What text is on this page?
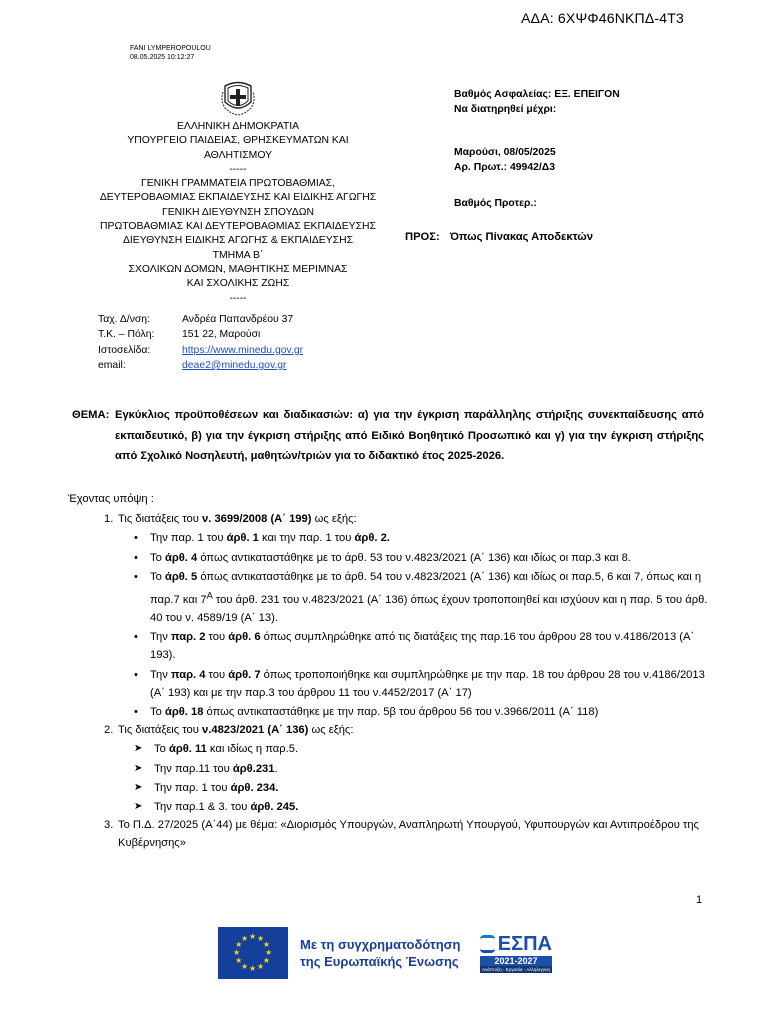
ΑΔΑ: 6ΧΨΦ46ΝΚΠΔ-4Τ3
FANI LYMPEROPOULOU
08.05.2025 10:12:27
ΕΛΛΗΝΙΚΗ ΔΗΜΟΚΡΑΤΙΑ
ΥΠΟΥΡΓΕΙΟ ΠΑΙΔΕΙΑΣ, ΘΡΗΣΚΕΥΜΑΤΩΝ ΚΑΙ
ΑΘΛΗΤΙΣΜΟΥ
-----
ΓΕΝΙΚΗ ΓΡΑΜΜΑΤΕΙΑ ΠΡΩΤΟΒΑΘΜΙΑΣ,
ΔΕΥΤΕΡΟΒΑΘΜΙΑΣ ΕΚΠΑΙΔΕΥΣΗΣ ΚΑΙ ΕΙΔΙΚΗΣ ΑΓΩΓΗΣ
ΓΕΝΙΚΗ ΔΙΕΥΘΥΝΣΗ ΣΠΟΥΔΩΝ
ΠΡΩΤΟΒΑΘΜΙΑΣ ΚΑΙ ΔΕΥΤΕΡΟΒΑΘΜΙΑΣ ΕΚΠΑΙΔΕΥΣΗΣ
ΔΙΕΥΘΥΝΣΗ ΕΙΔΙΚΗΣ ΑΓΩΓΗΣ & ΕΚΠΑΙΔΕΥΣΗΣ
ΤΜΗΜΑ Β΄
ΣΧΟΛΙΚΩΝ ΔΟΜΩΝ, ΜΑΘΗΤΙΚΗΣ ΜΕΡΙΜΝΑΣ
ΚΑΙ ΣΧΟΛΙΚΗΣ ΖΩΗΣ
-----
Ταχ. Δ/νση:	Ανδρέα Παπανδρέου 37
Τ.Κ. – Πόλη:	151 22, Μαρούσι
Ιστοσελίδα:	https://www.minedu.gov.gr
email:	deae2@minedu.gov.gr
Βαθμός Ασφαλείας: ΕΞ. ΕΠΕΙΓΟΝ
Να διατηρηθεί μέχρι:
Μαρούσι, 08/05/2025
Αρ. Πρωτ.: 49942/Δ3
Βαθμός Προτερ.:
ΠΡΟΣ: Όπως Πίνακας Αποδεκτών
ΘΕΜΑ: Εγκύκλιος προϋποθέσεων και διαδικασιών: α) για την έγκριση παράλληλης στήριξης συνεκπαίδευσης από εκπαιδευτικό, β) για την έγκριση στήριξης από Ειδικό Βοηθητικό Προσωπικό και γ) για την έγκριση στήριξης από Σχολικό Νοσηλευτή, μαθητών/τριών για το διδακτικό έτος 2025-2026.
Έχοντας υπόψη :
1. Τις διατάξεις του ν. 3699/2008 (Α΄ 199) ως εξής:
• Την παρ. 1 του άρθ. 1 και την παρ. 1 του άρθ. 2.
• Το άρθ. 4 όπως αντικαταστάθηκε με το άρθ. 53 του ν.4823/2021 (Α΄ 136) και ιδίως οι παρ.3 και 8.
• Το άρθ. 5 όπως αντικαταστάθηκε με το άρθ. 54 του ν.4823/2021 (Α΄ 136) και ιδίως οι παρ.5, 6 και 7, όπως και η παρ.7 και $7^A$ του άρθ. 231 του ν.4823/2021 (Α΄ 136) όπως έχουν τροποποιηθεί και ισχύουν και η παρ. 5 του άρθ. 40 του ν. 4589/19 (Α΄ 13).
• Την παρ. 2 του άρθ. 6 όπως συμπληρώθηκε από τις διατάξεις της παρ.16 του άρθρου 28 του ν.4186/2013 (Α΄ 193).
• Την παρ. 4 του άρθ. 7 όπως τροποποιήθηκε και συμπληρώθηκε με την παρ. 18 του άρθρου 28 του ν.4186/2013 (Α΄ 193) και με την παρ.3 του άρθρου 11 του ν.4452/2017 (Α΄ 17)
• Το άρθ. 18 όπως αντικαταστάθηκε με την παρ. 5β του άρθρου 56 του ν.3966/2011 (Α΄ 118)
2. Τις διατάξεις του ν.4823/2021 (Α΄ 136) ως εξής:
➤ Το άρθ. 11 και ιδίως η παρ.5.
➤ Την παρ.11 του άρθ.231.
➤ Την παρ. 1 του άρθ. 234.
➤ Την παρ.1 & 3. του άρθ. 245.
3. Το Π.Δ. 27/2025 (Α΄44) με θέμα: «Διορισμός Υπουργών, Αναπληρωτή Υπουργού, Υφυπουργών και Αντιπροέδρου της Κυβέρνησης»
1
★ ★
★
★
★
★
★
★
★
★
★
★	Με τη συγχρηματοδότηση
της Ευρωπαϊκής Ένωσης
ΕΣΠΑ
2021-2027
Ανάπτυξη - Εργασία - Αλληλεγγύη
